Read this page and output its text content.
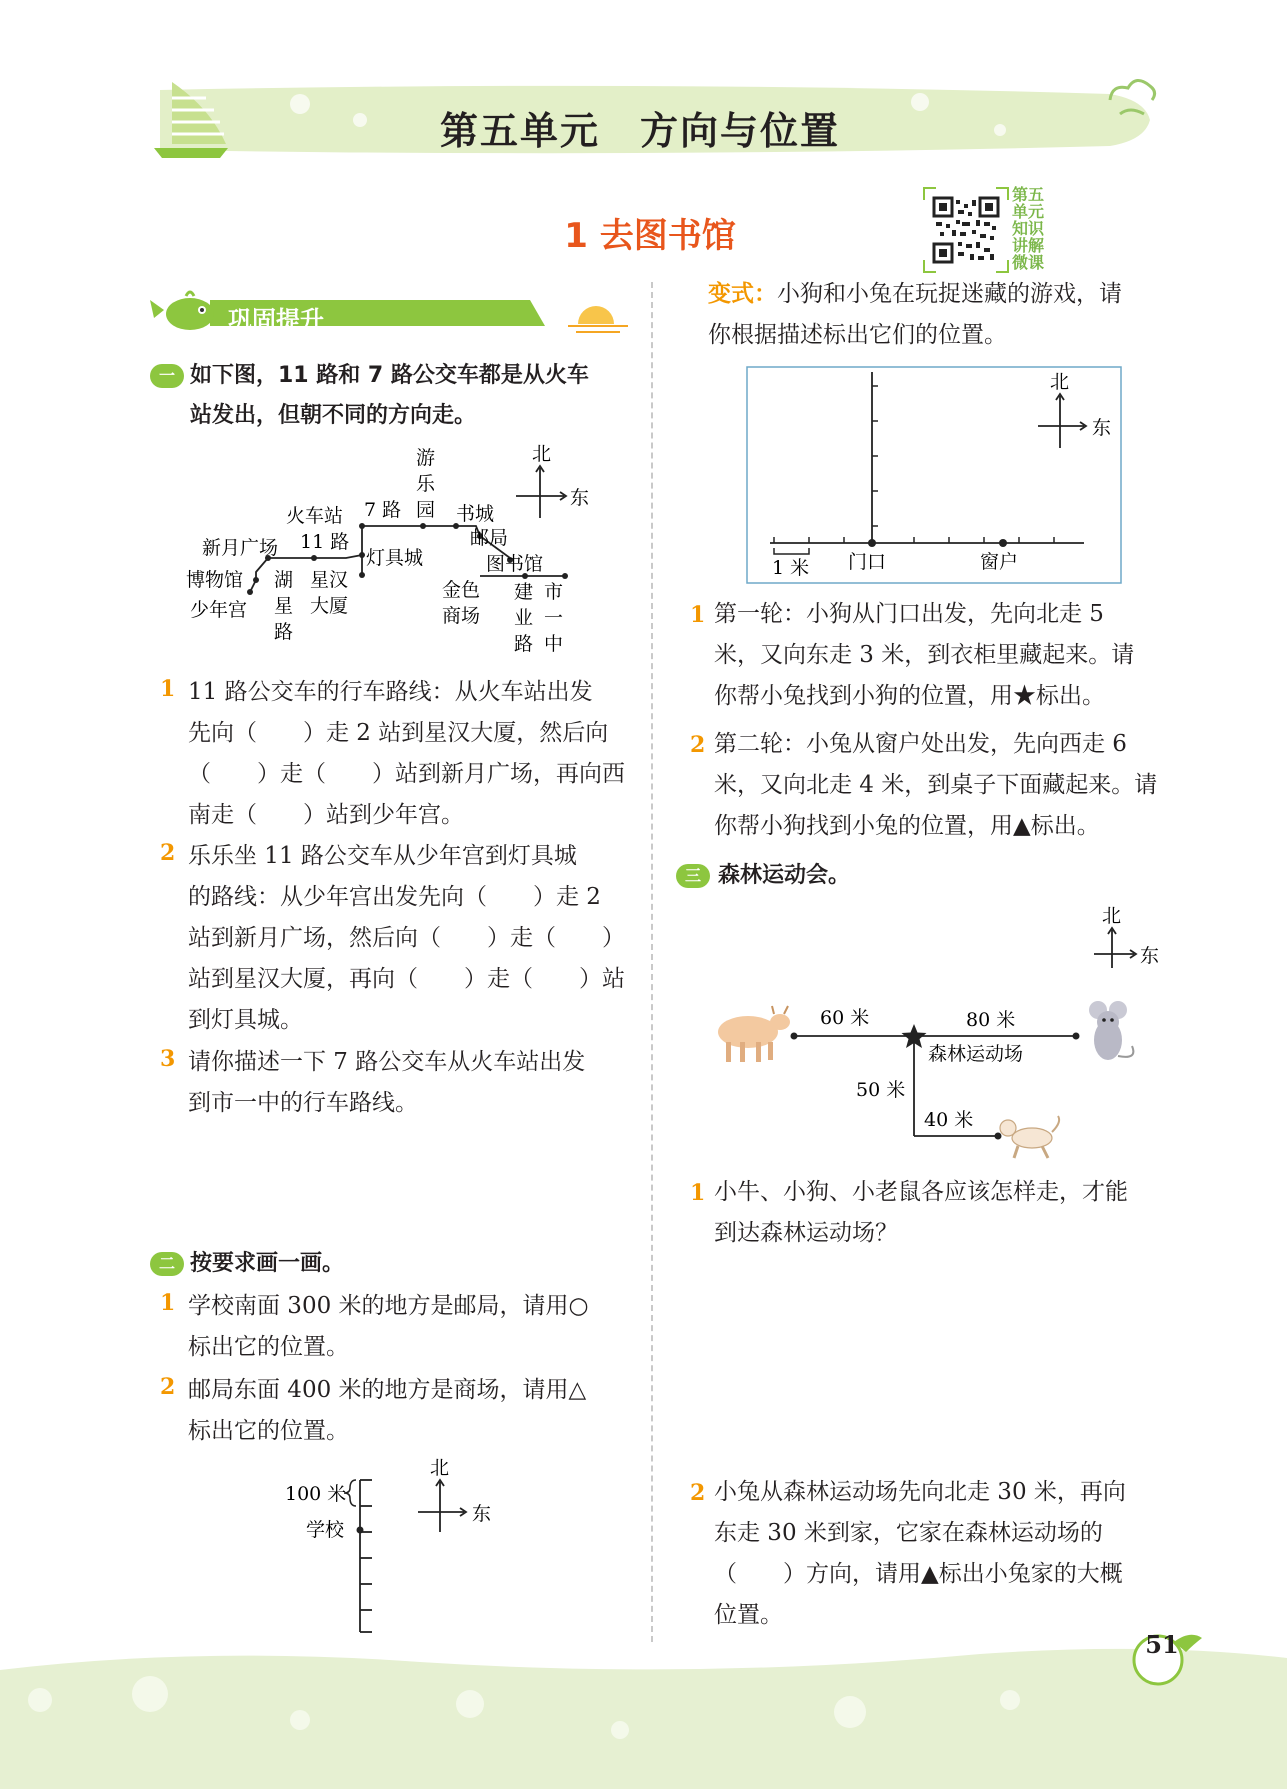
第五单元　方向与位置
1 去图书馆
第五单元知识讲解微课
巩固提升
一 如下图，11 路和 7 路公交车都是从火车
站发出，但朝不同的方向走。
北
东
火车站 7 路
11 路
游
乐
园 书城
邮局
图书馆
新月广场	灯具城
博物馆
少年宫
湖
星
路
星汉
大厦
金色
商场
建
业
路
市
一
中
1 11 路公交车的行车路线：从火车站出发
先向（　　）走 2 站到星汉大厦，然后向
（　　）走（　　）站到新月广场，再向西
南走（　　）站到少年宫。
2 乐乐坐 11 路公交车从少年宫到灯具城
的路线：从少年宫出发先向（　　）走 2
站到新月广场，然后向（　　）走（　　）
站到星汉大厦，再向（　　）走（　　）站
到灯具城。
3 请你描述一下 7 路公交车从火车站出发
到市一中的行车路线。
二 按要求画一画。
1 学校南面 300 米的地方是邮局，请用○
标出它的位置。
2 邮局东面 400 米的地方是商场，请用△
标出它的位置。
100 米
学校
北
东
变式：小狗和小兔在玩捉迷藏的游戏，请
你根据描述标出它们的位置。
1 米 门口	窗户
北
东
1 第一轮：小狗从门口出发，先向北走 5
米，又向东走 3 米，到衣柜里藏起来。请
你帮小兔找到小狗的位置，用★标出。
2 第二轮：小兔从窗户处出发，先向西走 6
米，又向北走 4 米，到桌子下面藏起来。请
你帮小狗找到小兔的位置，用▲标出。
三 森林运动会。
北
东
60 米	80 米
森林运动场
50 米
40 米
1 小牛、小狗、小老鼠各应该怎样走，才能
到达森林运动场？
2 小兔从森林运动场先向北走 30 米，再向
东走 30 米到家，它家在森林运动场的
（　　）方向，请用▲标出小兔家的大概
位置。
51
